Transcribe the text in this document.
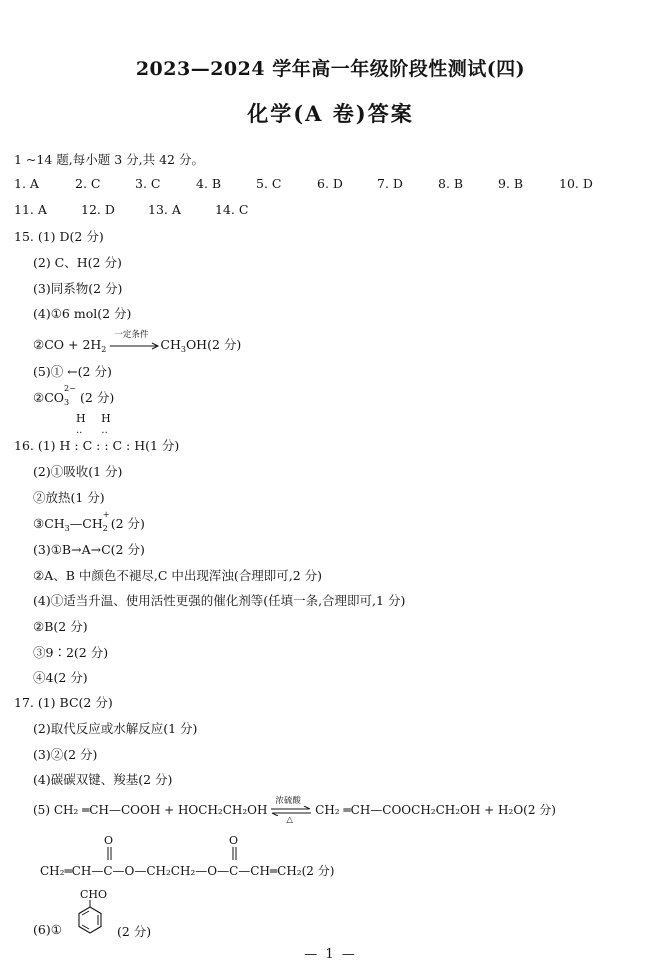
2023—2024 学年高一年级阶段性测试(四)
化学(A 卷)答案
1 ~14 题,每小题 3 分,共 42 分。
1. A	2. C	3. C	4. B	5. C	6. D	7. D	8. B	9. B	10. D
11. A	12. D	13. A	14. C
15. (1) D(2 分)
(2) C、H(2 分)
(3)同系物(2 分)
(4)①6 mol(2 分)
②CO + $2H_2$
一定条件
$CH_3OH(2$ 分)
(5)① ←(2 分)
②CO
2−
3 (2 分)
H H
··      ··
16. (1) H : C : : C : H(1 分)
(2)①吸收(1 分)
②放热(1 分)
$③CH_3—CH$
+
2 (2 分)
(3)①B→A→C(2 分)
②A、B 中颜色不褪尽,C 中出现浑浊(合理即可,2 分)
(4)①适当升温、使用活性更强的催化剂等(任填一条,合理即可,1 分)
②B(2 分)
③9∶2(2 分)
④4(2 分)
17. (1) BC(2 分)
(2)取代反应或水解反应(1 分)
(3)②(2 分)
(4)碳碳双键、羧基(2 分)
(5) CH₂ ═CH—COOH + HOCH₂CH₂OH
浓硫酸
△
CH₂ ═CH—COOCH₂CH₂OH + H₂O(2 分)
O	O
CH₂═CH—C—O—CH₂CH₂—O—C—CH═CH₂(2 分)
CHO
(6)①	(2 分)
— 1 —
